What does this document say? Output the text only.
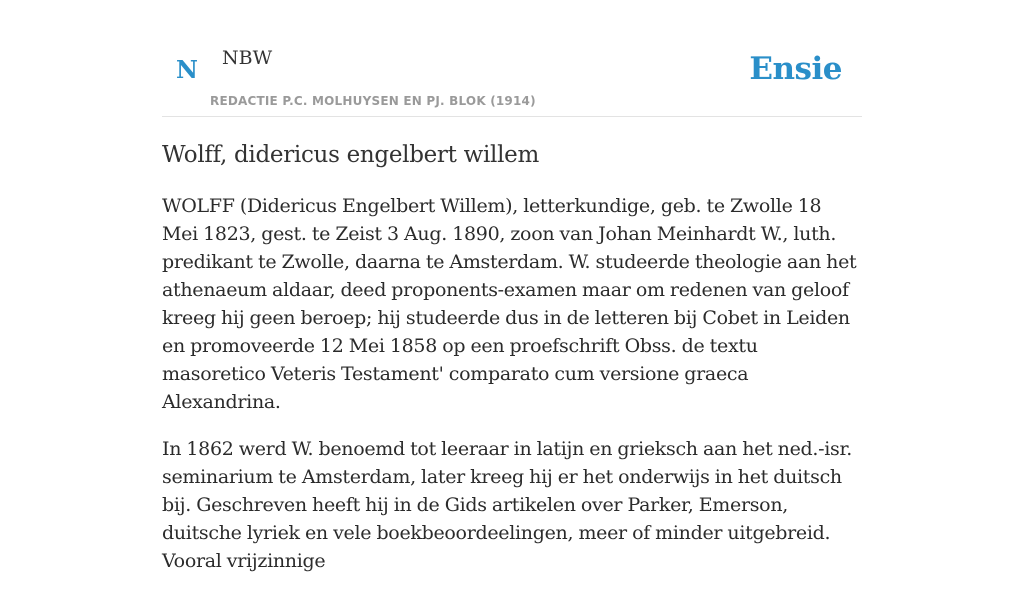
N NBW
REDACTIE P.C. MOLHUYSEN EN PJ. BLOK (1914)
Ensie
Wolff, didericus engelbert willem

WOLFF (Didericus Engelbert Willem), letterkundige, geb. te Zwolle 18 Mei 1823, gest. te Zeist 3 Aug. 1890, zoon van Johan Meinhardt W., luth. predikant te Zwolle, daarna te Amsterdam. W. studeerde theologie aan het athenaeum aldaar, deed proponents-examen maar om redenen van geloof kreeg hij geen beroep; hij studeerde dus in de letteren bij Cobet in Leiden en promoveerde 12 Mei 1858 op een proefschrift Obss. de textu masoretico Veteris Testament' comparato cum versione graeca Alexandrina.

In 1862 werd W. benoemd tot leeraar in latijn en grieksch aan het ned.-isr. seminarium te Amsterdam, later kreeg hij er het onderwijs in het duitsch bij. Geschreven heeft hij in de Gids artikelen over Parker, Emerson, duitsche lyriek en vele boekbeoordeelingen, meer of minder uitgebreid. Vooral vrijzinnige
